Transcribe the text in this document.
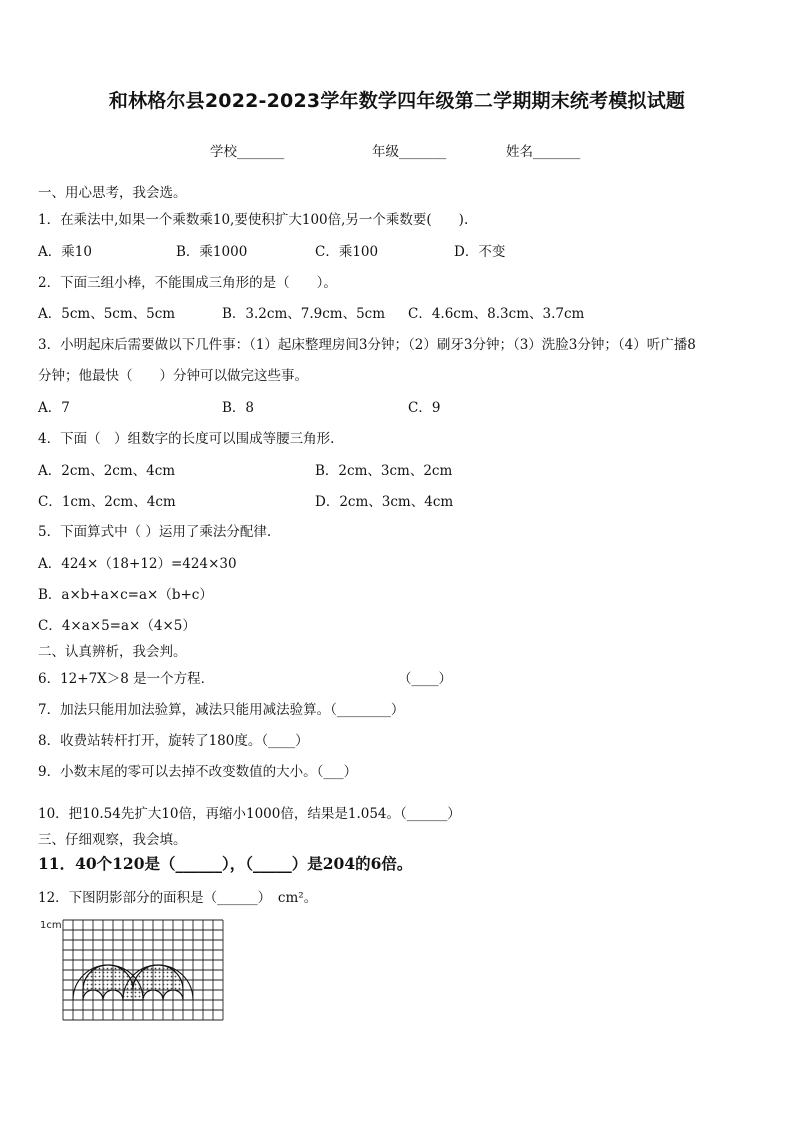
和林格尔县2022-2023学年数学四年级第二学期期末统考模拟试题
学校_______	年级_______	姓名_______
一、用心思考，我会选。
1．在乘法中,如果一个乘数乘10,要使积扩大100倍,另一个乘数要(　　).
A．乘10	B．乘1000	C．乘100	D．不变
2．下面三组小棒，不能围成三角形的是（　　）。
A．5cm、5cm、5cm	B．3.2cm、7.9cm、5cm C．4.6cm、8.3cm、3.7cm
3．小明起床后需要做以下几件事：（1）起床整理房间3分钟；（2）刷牙3分钟；（3）洗脸3分钟；（4）听广播8
分钟；他最快（　　）分钟可以做完这些事。
A．7	B．8	C．9
4．下面（　）组数字的长度可以围成等腰三角形.
A．2cm、2cm、4cm	B．2cm、3cm、2cm
C．1cm、2cm、4cm	D．2cm、3cm、4cm
5．下面算式中（ ）运用了乘法分配律.
A．424×（18+12）=424×30
B．a×b+a×c=a×（b+c）
C．4×a×5=a×（4×5）
二、认真辨析，我会判。
6．12+7X＞8 是一个方程．	（____）
7．加法只能用加法验算，减法只能用减法验算。（________）
8．收费站转杆打开，旋转了180度。（____）
9．小数末尾的零可以去掉不改变数值的大小。（___）
10．把10.54先扩大10倍，再缩小1000倍，结果是1.054。（______）
三、仔细观察，我会填。
11．40个120是（______），（_____）是204的6倍。
12．下图阴影部分的面积是（______）　cm²。
1cm
